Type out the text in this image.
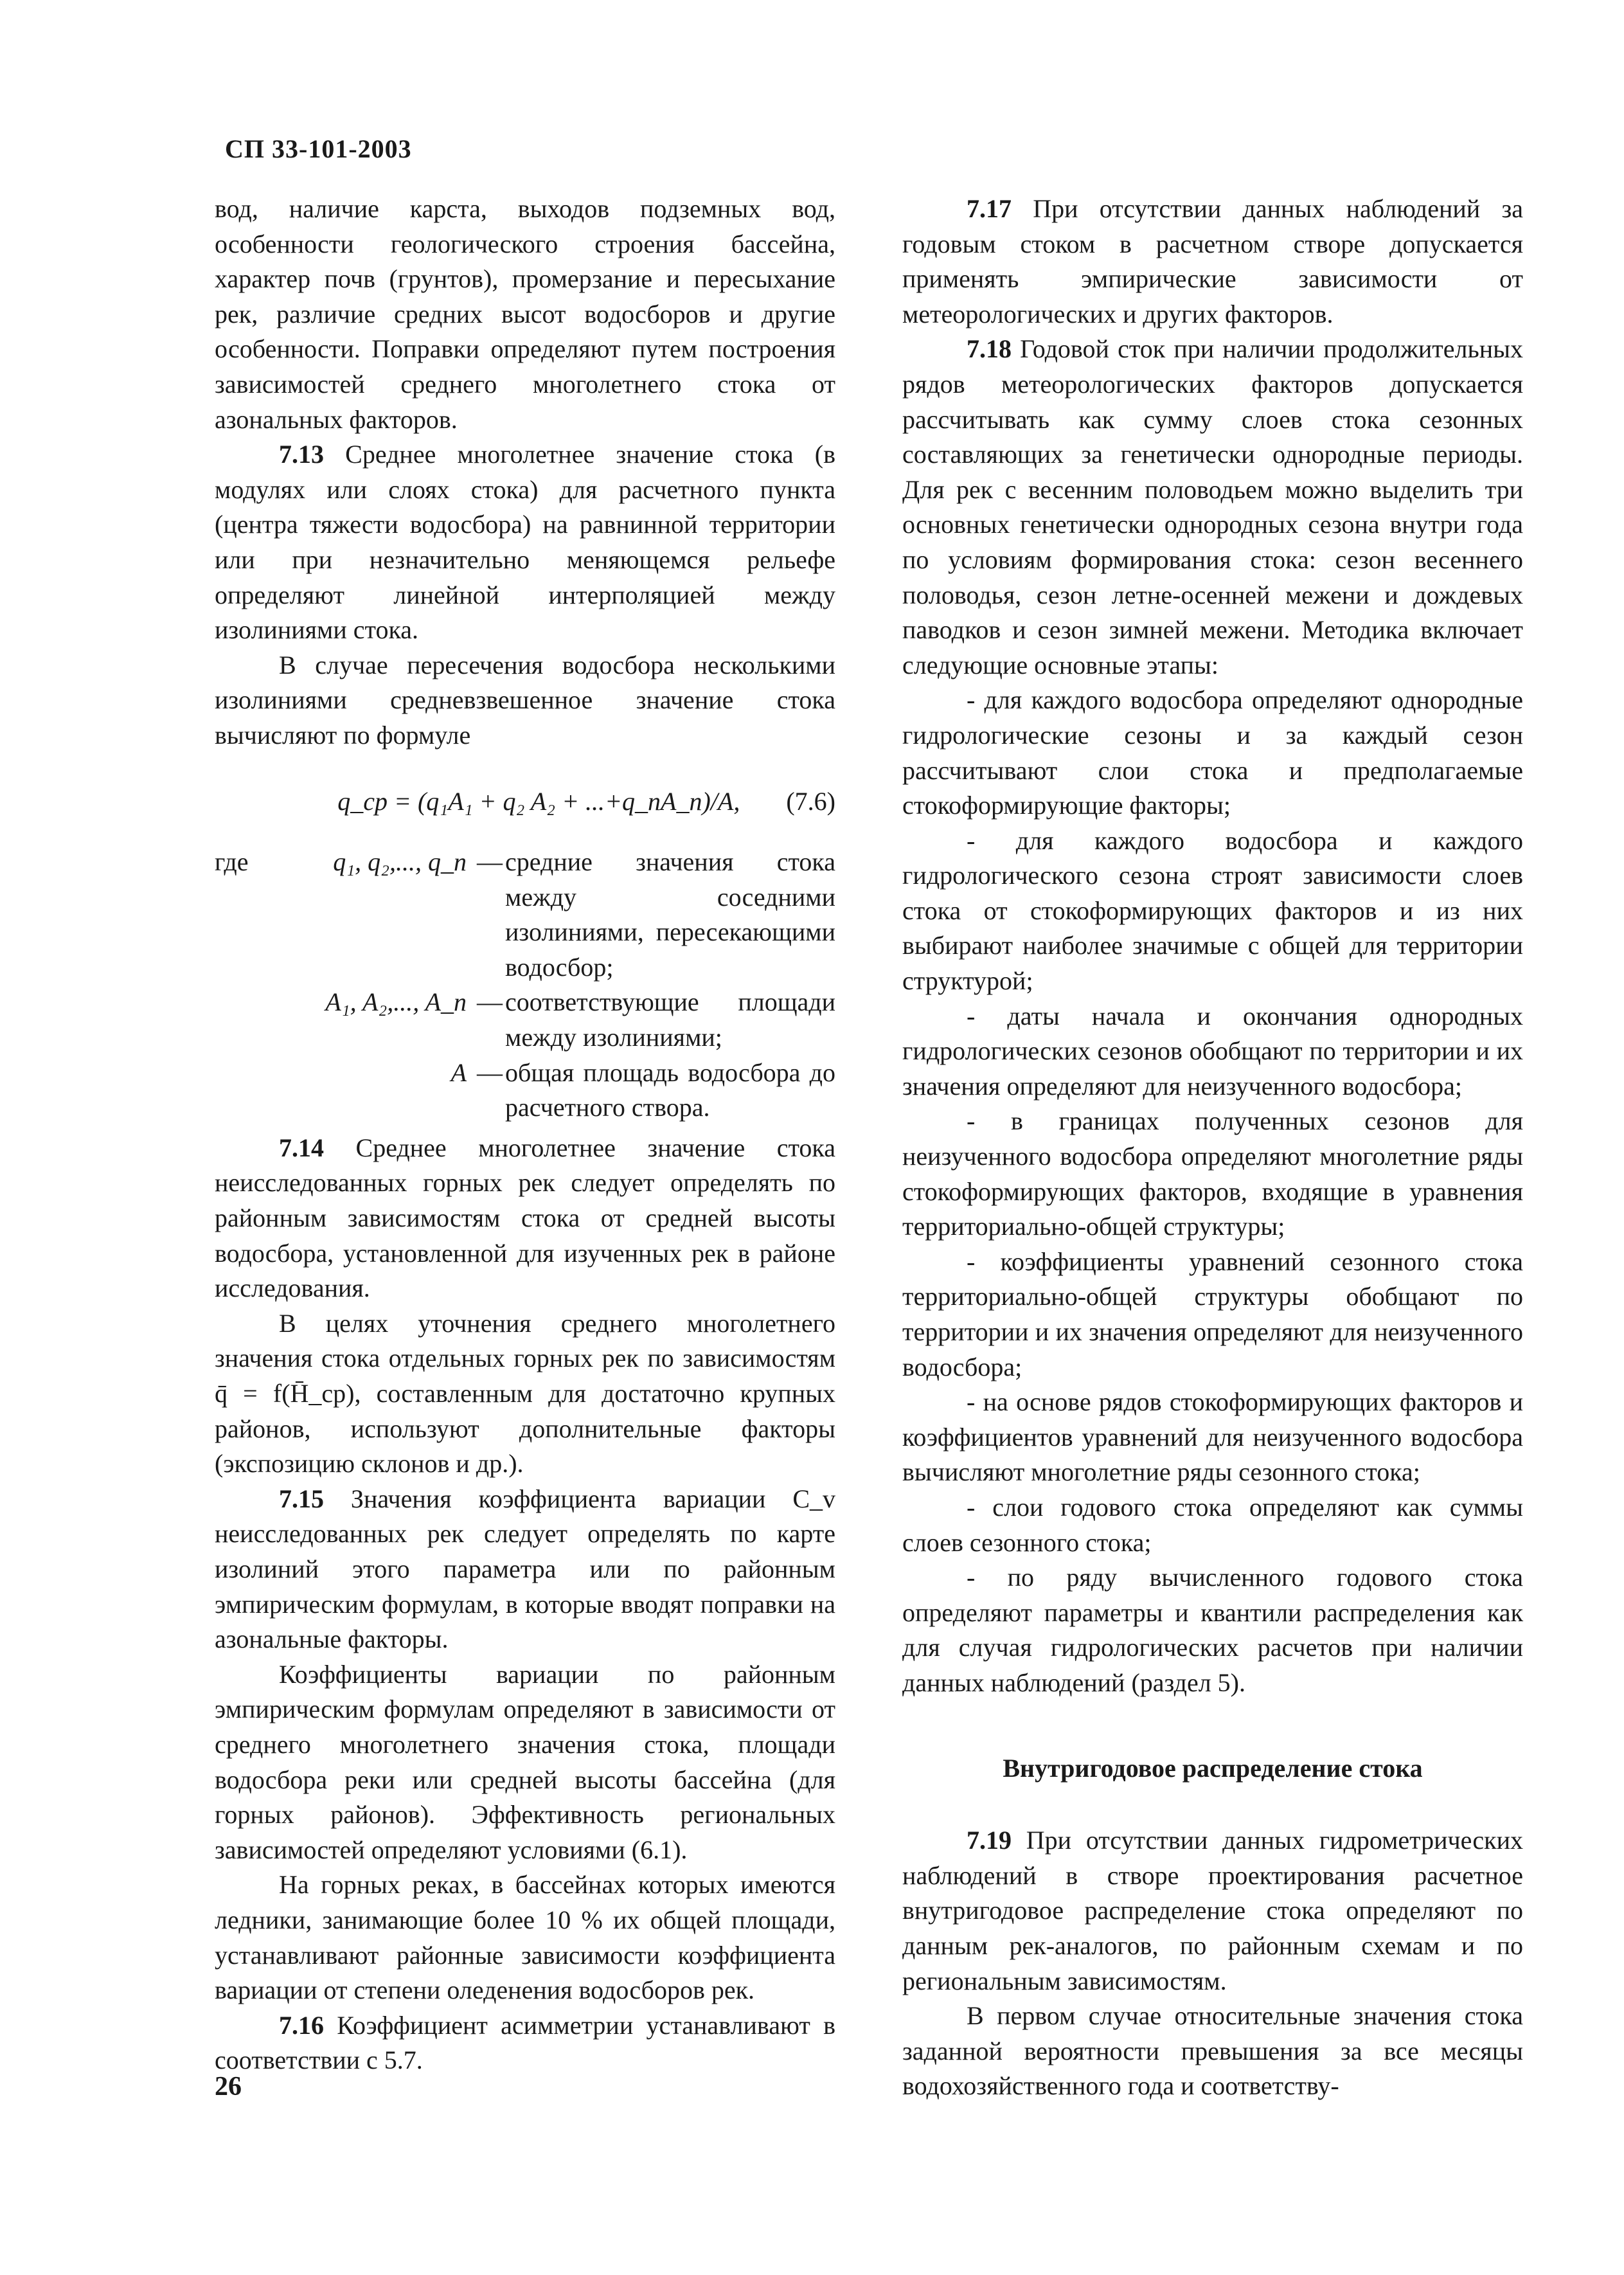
СП 33-101-2003

вод, наличие карста, выходов подземных вод, особенности геологического строения бассейна, характер почв (грунтов), промерзание и пересыхание рек, различие средних высот водосборов и другие особенности. Поправки определяют путем построения зависимостей среднего многолетнего стока от азональных факторов.

7.13 Среднее многолетнее значение стока (в модулях или слоях стока) для расчетного пункта (центра тяжести водосбора) на равнинной территории или при незначительно меняющемся рельефе определяют линейной интерполяцией между изолиниями стока.

В случае пересечения водосбора несколькими изолиниями средневзвешенное значение стока вычисляют по формуле

q_ср = (q₁A₁ + q₂ A₂ + ...+q_nA_n)/A, (7.6)
где	q₁, q₂,..., q_n — средние значения стока между соседними изолиниями, пересекающими водосбор;
A₁, A₂,..., A_n — соответствующие площади между изолиниями;
A — общая площадь водосбора до расчетного створа.

7.14 Среднее многолетнее значение стока неисследованных горных рек следует определять по районным зависимостям стока от средней высоты водосбора, установленной для изученных рек в районе исследования.

В целях уточнения среднего многолетнего значения стока отдельных горных рек по зависимостям q̄ = f(H̄_ср), составленным для достаточно крупных районов, используют дополнительные факторы (экспозицию склонов и др.).

7.15 Значения коэффициента вариации C_v неисследованных рек следует определять по карте изолиний этого параметра или по районным эмпирическим формулам, в которые вводят поправки на азональные факторы.

Коэффициенты вариации по районным эмпирическим формулам определяют в зависимости от среднего многолетнего значения стока, площади водосбора реки или средней высоты бассейна (для горных районов). Эффективность региональных зависимостей определяют условиями (6.1).

На горных реках, в бассейнах которых имеются ледники, занимающие более 10 % их общей площади, устанавливают районные зависимости коэффициента вариации от степени оледенения водосборов рек.

7.16 Коэффициент асимметрии устанавливают в соответствии с 5.7.

7.17 При отсутствии данных наблюдений за годовым стоком в расчетном створе допускается применять эмпирические зависимости от метеорологических и других факторов.

7.18 Годовой сток при наличии продолжительных рядов метеорологических факторов допускается рассчитывать как сумму слоев стока сезонных составляющих за генетически однородные периоды. Для рек с весенним половодьем можно выделить три основных генетически однородных сезона внутри года по условиям формирования стока: сезон весеннего половодья, сезон летне-осенней межени и дождевых паводков и сезон зимней межени. Методика включает следующие основные этапы:

- для каждого водосбора определяют однородные гидрологические сезоны и за каждый сезон рассчитывают слои стока и предполагаемые стокоформирующие факторы;

- для каждого водосбора и каждого гидрологического сезона строят зависимости слоев стока от стокоформирующих факторов и из них выбирают наиболее значимые с общей для территории структурой;

- даты начала и окончания однородных гидрологических сезонов обобщают по территории и их значения определяют для неизученного водосбора;

- в границах полученных сезонов для неизученного водосбора определяют многолетние ряды стокоформирующих факторов, входящие в уравнения территориально-общей структуры;

- коэффициенты уравнений сезонного стока территориально-общей структуры обобщают по территории и их значения определяют для неизученного водосбора;

- на основе рядов стокоформирующих факторов и коэффициентов уравнений для неизученного водосбора вычисляют многолетние ряды сезонного стока;

- слои годового стока определяют как суммы слоев сезонного стока;

- по ряду вычисленного годового стока определяют параметры и квантили распределения как для случая гидрологических расчетов при наличии данных наблюдений (раздел 5).

Внутригодовое распределение стока

7.19 При отсутствии данных гидрометрических наблюдений в створе проектирования расчетное внутригодовое распределение стока определяют по данным рек-аналогов, по районным схемам и по региональным зависимостям.

В первом случае относительные значения стока заданной вероятности превышения за все месяцы водохозяйственного года и соответству-

26
